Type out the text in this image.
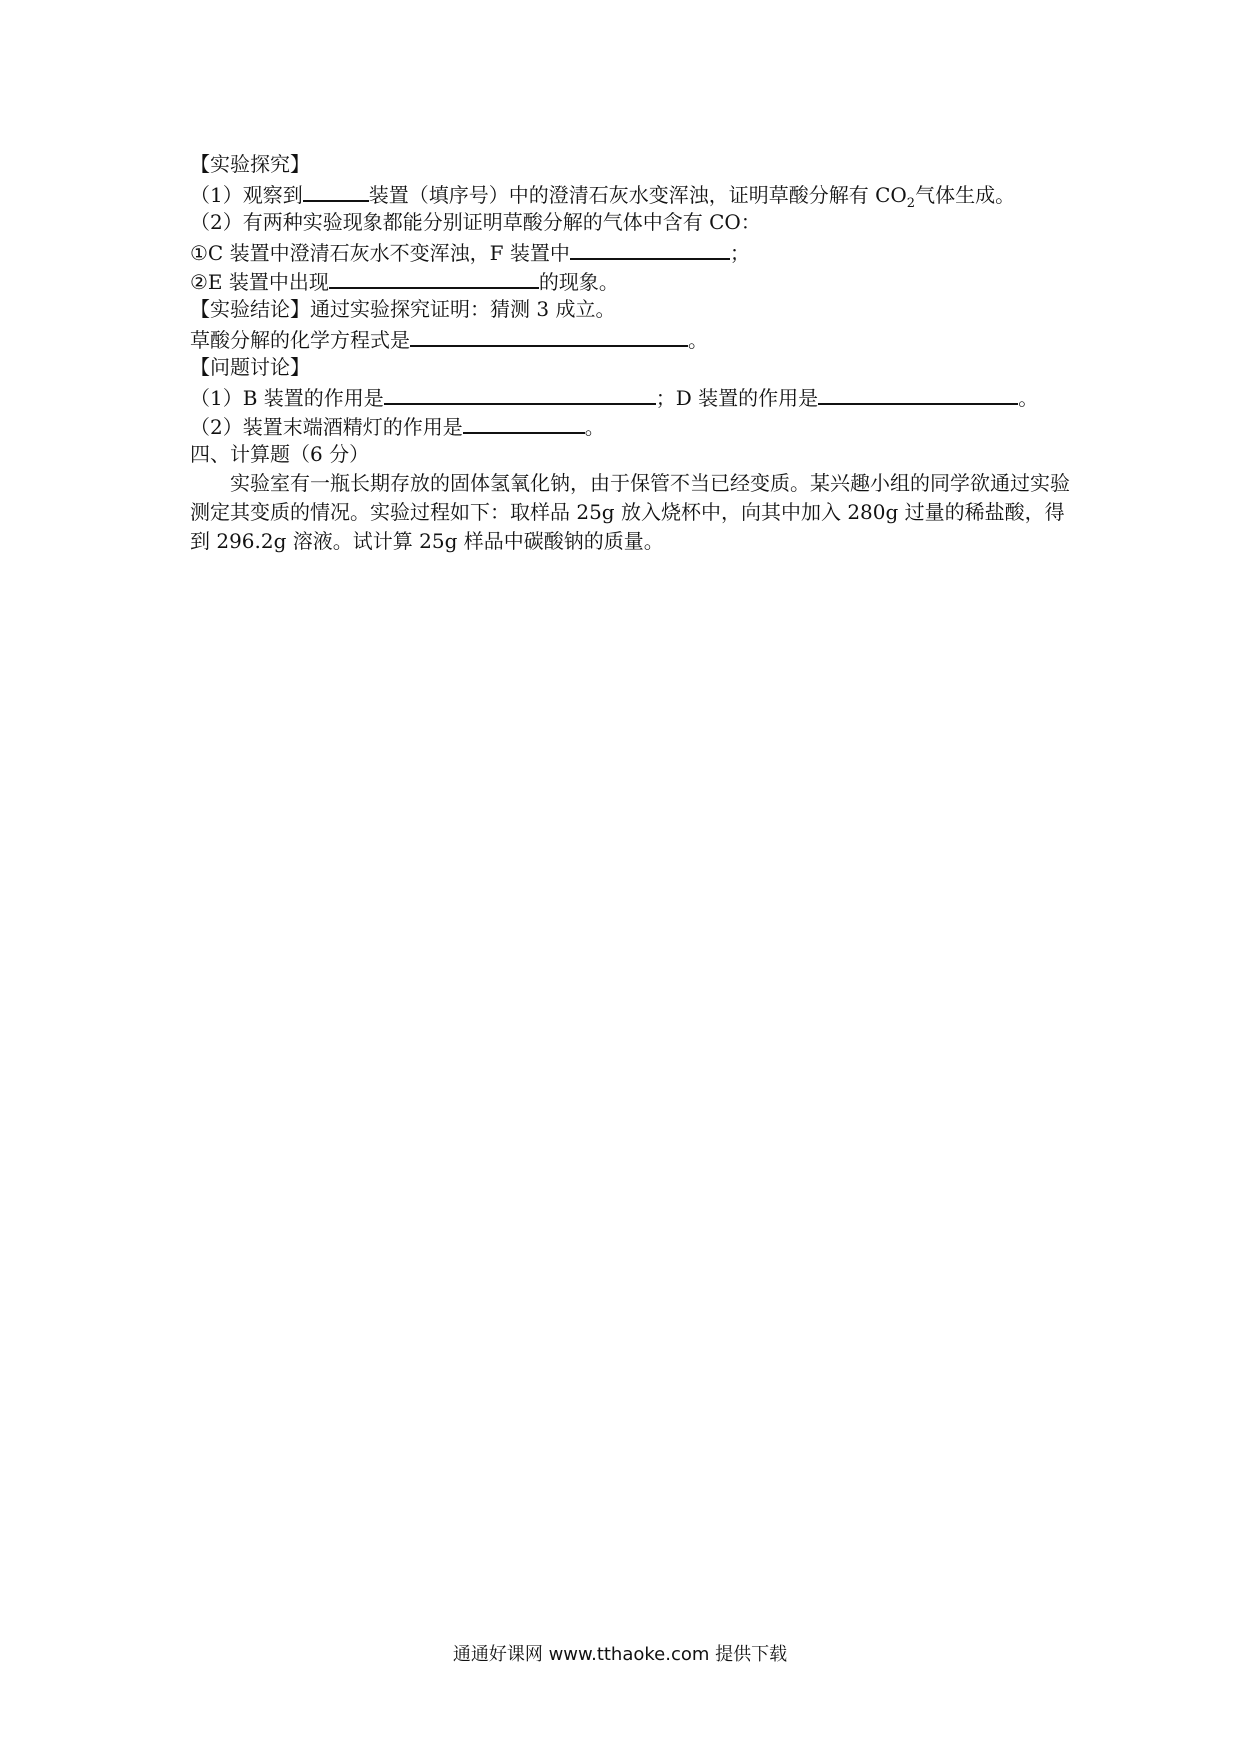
【实验探究】
（1）观察到	装置（填序号）中的澄清石灰水变浑浊，证明草酸分解有 $CO_2$气体生成。
（2）有两种实验现象都能分别证明草酸分解的气体中含有 CO：
①C 装置中澄清石灰水不变浑浊，F 装置中	；
②E 装置中出现	的现象。
【实验结论】通过实验探究证明：猜测 3 成立。
草酸分解的化学方程式是	。
【问题讨论】
（1）B 装置的作用是	；D 装置的作用是	。
（2）装置末端酒精灯的作用是	。
四、计算题（6 分）
实验室有一瓶长期存放的固体氢氧化钠，由于保管不当已经变质。某兴趣小组的同学欲通过实验测定其变质的情况。实验过程如下：取样品 25g 放入烧杯中，向其中加入 280g 过量的稀盐酸，得到 296.2g 溶液。试计算 25g 样品中碳酸钠的质量。
通通好课网 www.tthaoke.com 提供下载
